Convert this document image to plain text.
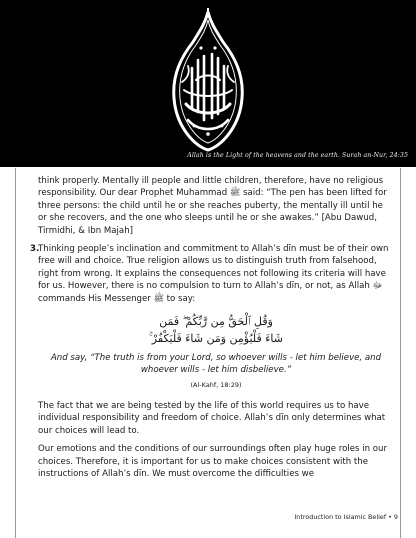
Allah is the Light of the heavens and the earth. Surah an-Nur, 24:35

think properly. Mentally ill people and little children, therefore, have no religious responsibility. Our dear Prophet Muhammad ﷺ said: “The pen has been lifted for three persons: the child until he or she reaches puberty, the mentally ill until he or she recovers, and the one who sleeps until he or she awakes.” [Abu Dawud, Tirmidhi, & Ibn Majah]

3.
Thinking people’s inclination and commitment to Allah’s dīn must be of their own free will and choice. True religion allows us to distinguish truth from falsehood, right from wrong. It explains the consequences not following its criteria will have for us. However, there is no compulsion to turn to Allah’s dīn, or not, as Allah ﷻ commands His Messenger ﷺ to say:

وَقُلِ ٱلْحَقُّ مِن رَّبِّكُمْ ۖ فَمَن
شَاءَ فَلْيُؤْمِن وَمَن شَاءَ فَلْيَكْفُرْ ۚ

And say, “The truth is from your Lord, so whoever wills - let him believe, and whoever wills - let him disbelieve.”

(Al-Kahf, 18:29)

The fact that we are being tested by the life of this world requires us to have individual responsibility and freedom of choice. Allah’s dīn only determines what our choices will lead to.

Our emotions and the conditions of our surroundings often play huge roles in our choices. Therefore, it is important for us to make choices consistent with the instructions of Allah’s dīn. We must overcome the difficulties we

Introduction to Islamic Belief • 9
